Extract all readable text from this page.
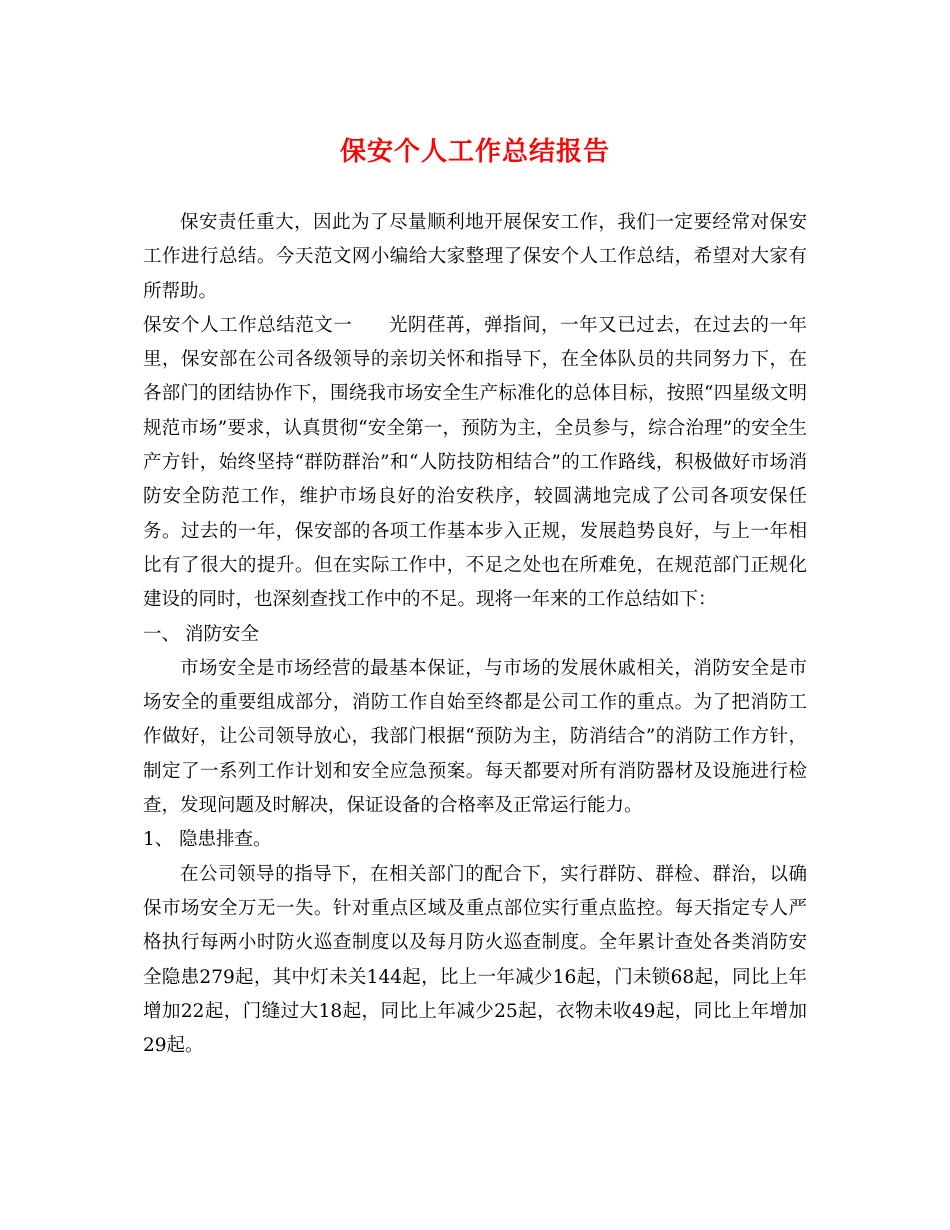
保安个人工作总结报告

保安责任重大，因此为了尽量顺利地开展保安工作，我们一定要经常对保安工作进行总结。今天范文网小编给大家整理了保安个人工作总结，希望对大家有所帮助。

保安个人工作总结范文一 光阴荏苒，弹指间，一年又已过去，在过去的一年里，保安部在公司各级领导的亲切关怀和指导下，在全体队员的共同努力下，在各部门的团结协作下，围绕我市场安全生产标准化的总体目标，按照“四星级文明规范市场”要求，认真贯彻“安全第一，预防为主，全员参与，综合治理”的安全生产方针，始终坚持“群防群治”和“人防技防相结合”的工作路线，积极做好市场消防安全防范工作，维护市场良好的治安秩序，较圆满地完成了公司各项安保任务。过去的一年，保安部的各项工作基本步入正规，发展趋势良好，与上一年相比有了很大的提升。但在实际工作中，不足之处也在所难免，在规范部门正规化建设的同时，也深刻查找工作中的不足。现将一年来的工作总结如下：

一、 消防安全

市场安全是市场经营的最基本保证，与市场的发展休戚相关，消防安全是市场安全的重要组成部分，消防工作自始至终都是公司工作的重点。为了把消防工作做好，让公司领导放心，我部门根据“预防为主，防消结合”的消防工作方针，制定了一系列工作计划和安全应急预案。每天都要对所有消防器材及设施进行检查，发现问题及时解决，保证设备的合格率及正常运行能力。

1、 隐患排查。

在公司领导的指导下，在相关部门的配合下，实行群防、群检、群治，以确保市场安全万无一失。针对重点区域及重点部位实行重点监控。每天指定专人严格执行每两小时防火巡查制度以及每月防火巡查制度。全年累计查处各类消防安全隐患279起，其中灯未关144起，比上一年减少16起，门未锁68起，同比上年增加22起，门缝过大18起，同比上年减少25起，衣物未收49起，同比上年增加29起。
